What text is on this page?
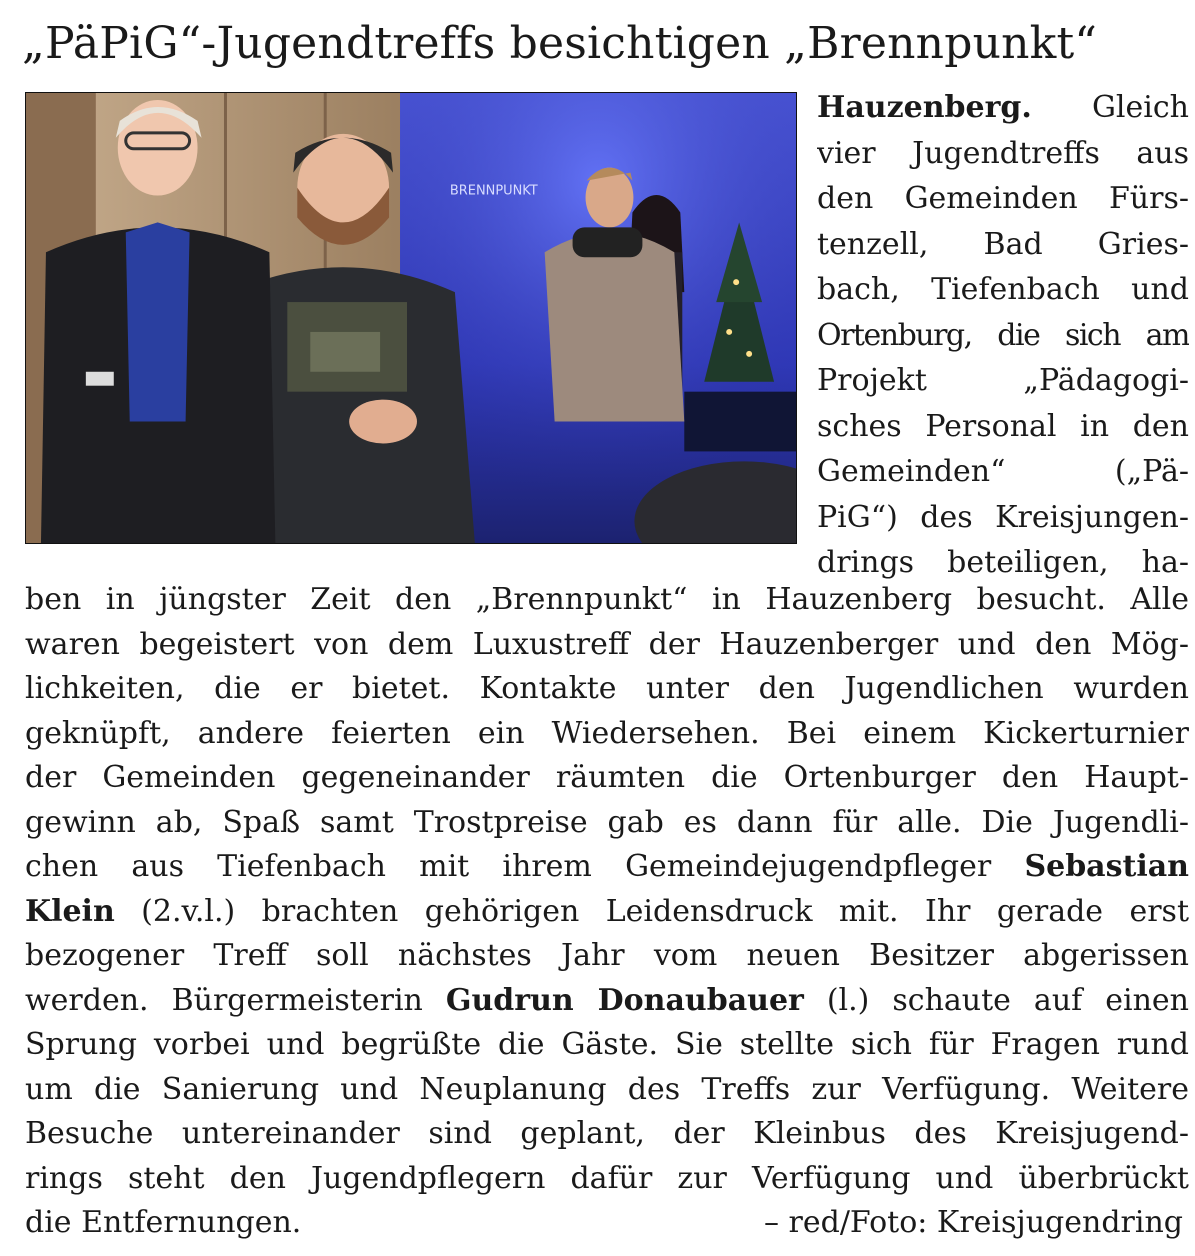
„PäPiG“-Jugendtreffs besichtigen „Brennpunkt“
BRENNPUNKT

Hauzenberg. Gleich

vier Jugendtreffs aus

den Gemeinden Fürs-

tenzell, Bad Gries-

bach, Tiefenbach und

Ortenburg, die sich am

Projekt „Pädagogi-

sches Personal in den

Gemeinden“ („Pä-

PiG“) des Kreisjungen-

drings beteiligen, ha-

ben in jüngster Zeit den „Brennpunkt“ in Hauzenberg besucht. Alle

waren begeistert von dem Luxustreff der Hauzenberger und den Mög-

lichkeiten, die er bietet. Kontakte unter den Jugendlichen wurden

geknüpft, andere feierten ein Wiedersehen. Bei einem Kickerturnier

der Gemeinden gegeneinander räumten die Ortenburger den Haupt-

gewinn ab, Spaß samt Trostpreise gab es dann für alle. Die Jugendli-

chen aus Tiefenbach mit ihrem Gemeindejugendpfleger Sebastian

Klein (2.v.l.) brachten gehörigen Leidensdruck mit. Ihr gerade erst

bezogener Treff soll nächstes Jahr vom neuen Besitzer abgerissen

werden. Bürgermeisterin Gudrun Donaubauer (l.) schaute auf einen

Sprung vorbei und begrüßte die Gäste. Sie stellte sich für Fragen rund

um die Sanierung und Neuplanung des Treffs zur Verfügung. Weitere

Besuche untereinander sind geplant, der Kleinbus des Kreisjugend-

rings steht den Jugendpflegern dafür zur Verfügung und überbrückt

die Entfernungen.	– red/Foto: Kreisjugendring
